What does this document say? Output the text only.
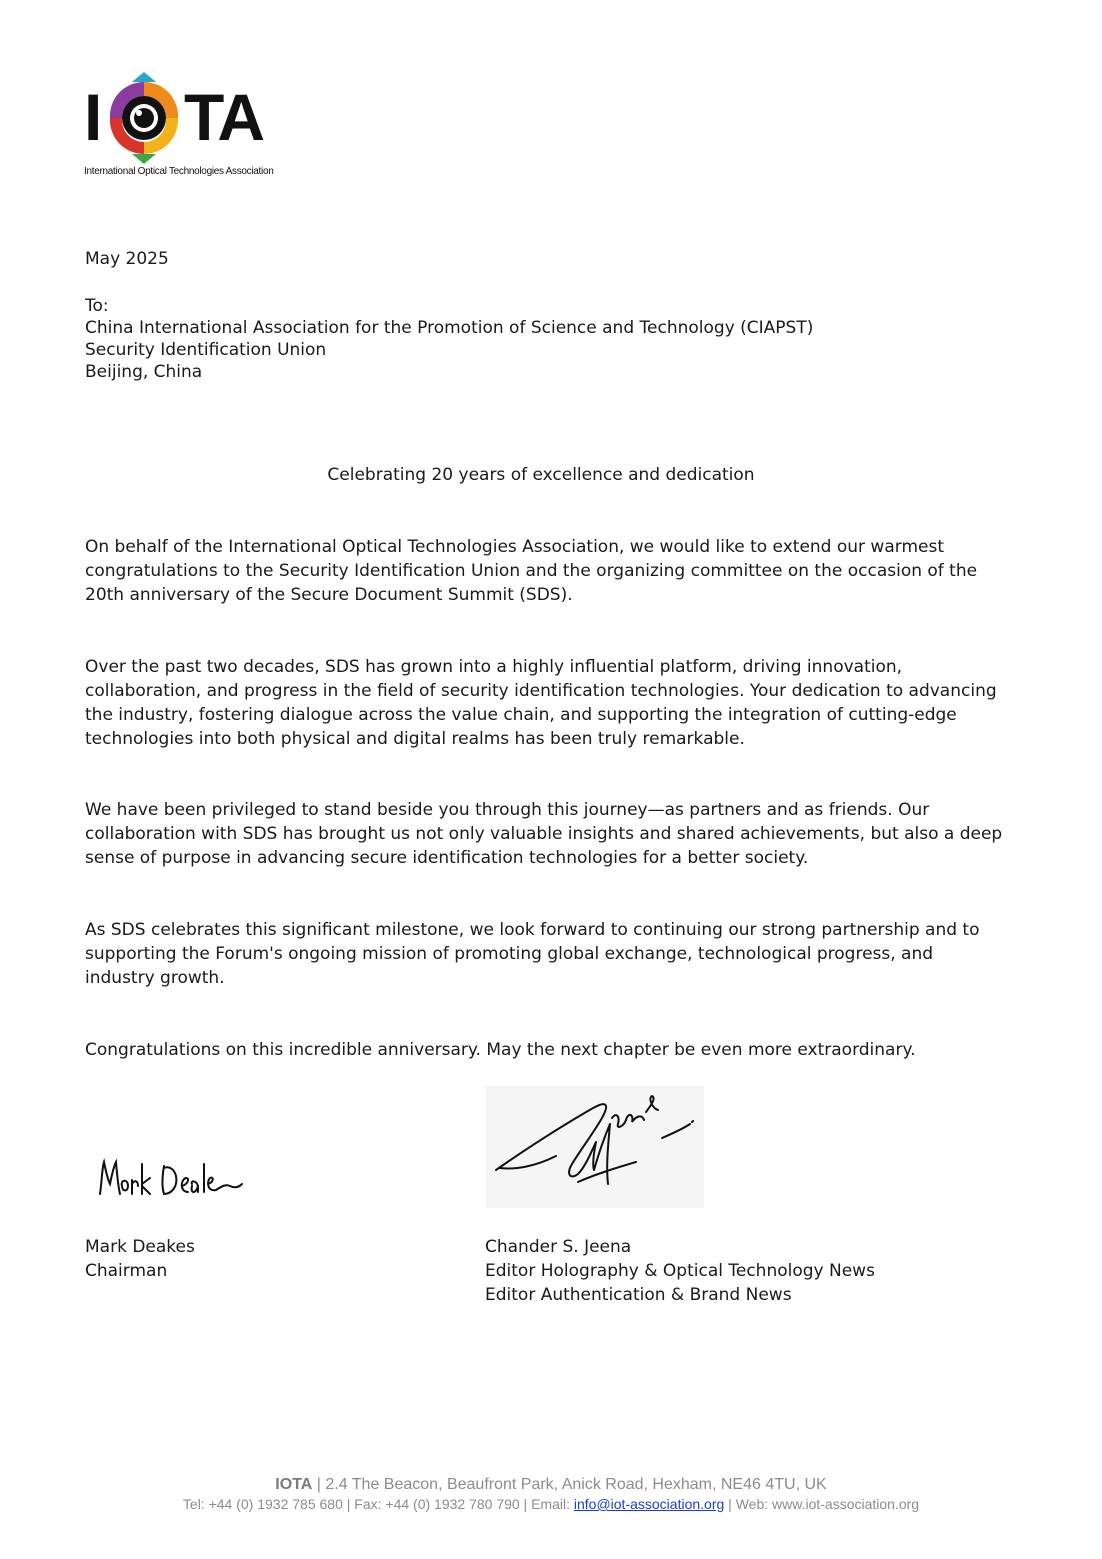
I TA
International Optical Technologies Association
May 2025
To:
China International Association for the Promotion of Science and Technology (CIAPST)
Security Identification Union
Beijing, China
Celebrating 20 years of excellence and dedication
On behalf of the International Optical Technologies Association, we would like to extend our warmest congratulations to the Security Identification Union and the organizing committee on the occasion of the 20th anniversary of the Secure Document Summit (SDS).
Over the past two decades, SDS has grown into a highly influential platform, driving innovation, collaboration, and progress in the field of security identification technologies. Your dedication to advancing the industry, fostering dialogue across the value chain, and supporting the integration of cutting-edge technologies into both physical and digital realms has been truly remarkable.
We have been privileged to stand beside you through this journey—as partners and as friends. Our collaboration with SDS has brought us not only valuable insights and shared achievements, but also a deep sense of purpose in advancing secure identification technologies for a better society.
As SDS celebrates this significant milestone, we look forward to continuing our strong partnership and to supporting the Forum's ongoing mission of promoting global exchange, technological progress, and industry growth.
Congratulations on this incredible anniversary. May the next chapter be even more extraordinary.
Mark Deakes
Chairman
Chander S. Jeena
Editor Holography & Optical Technology News
Editor Authentication & Brand News
IOTA | 2.4 The Beacon, Beaufront Park, Anick Road, Hexham, NE46 4TU, UK
Tel: +44 (0) 1932 785 680 | Fax: +44 (0) 1932 780 790 | Email: info@iot-association.org | Web: www.iot-association.org
